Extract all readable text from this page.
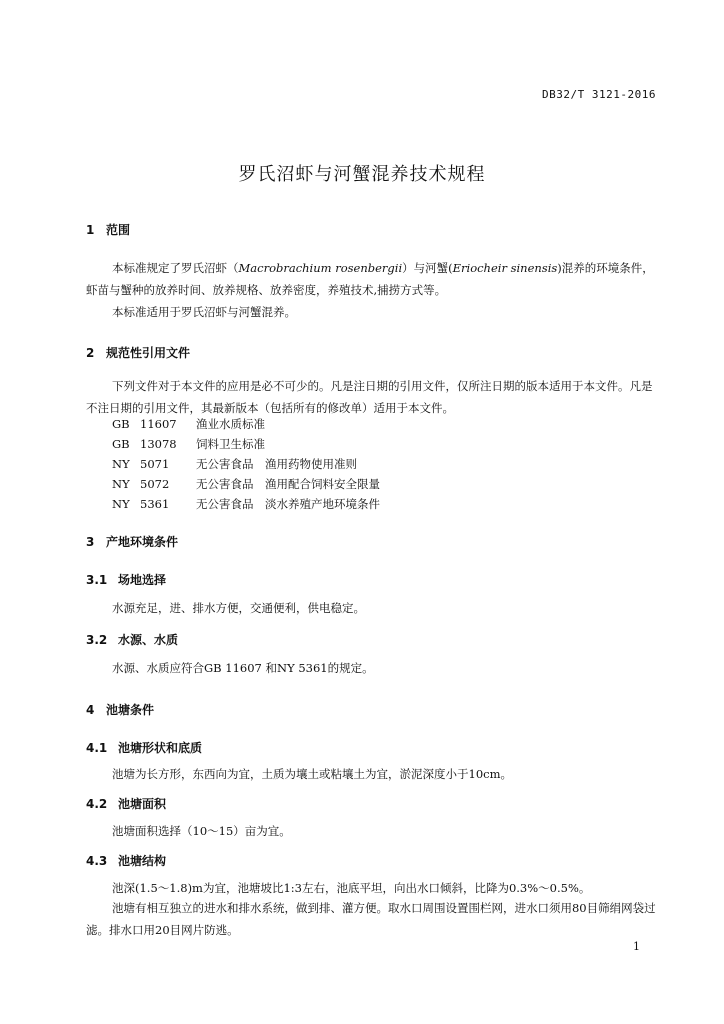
DB32/T 3121-2016
罗氏沼虾与河蟹混养技术规程
1 范围
本标准规定了罗氏沼虾（Macrobrachium rosenbergii）与河蟹(Eriocheir sinensis)混养的环境条件，虾苗与蟹种的放养时间、放养规格、放养密度，养殖技术,捕捞方式等。
本标准适用于罗氏沼虾与河蟹混养。
2 规范性引用文件
下列文件对于本文件的应用是必不可少的。凡是注日期的引用文件，仅所注日期的版本适用于本文件。凡是不注日期的引用文件，其最新版本（包括所有的修改单）适用于本文件。
GB 11607 渔业水质标准
GB 13078 饲料卫生标准
NY 5071 无公害食品　渔用药物使用准则
NY 5072 无公害食品　渔用配合饲料安全限量
NY 5361 无公害食品　淡水养殖产地环境条件
3 产地环境条件
3.1 场地选择
水源充足，进、排水方便，交通便利，供电稳定。
3.2 水源、水质
水源、水质应符合GB 11607 和NY 5361的规定。
4 池塘条件
4.1 池塘形状和底质
池塘为长方形，东西向为宜，土质为壤土或粘壤土为宜，淤泥深度小于10cm。
4.2 池塘面积
池塘面积选择（10～15）亩为宜。
4.3 池塘结构
池深(1.5～1.8)m为宜，池塘坡比1:3左右，池底平坦，向出水口倾斜，比降为0.3%～0.5%。
池塘有相互独立的进水和排水系统，做到排、灌方便。取水口周围设置围栏网，进水口须用80目筛绢网袋过滤。排水口用20目网片防逃。
1
